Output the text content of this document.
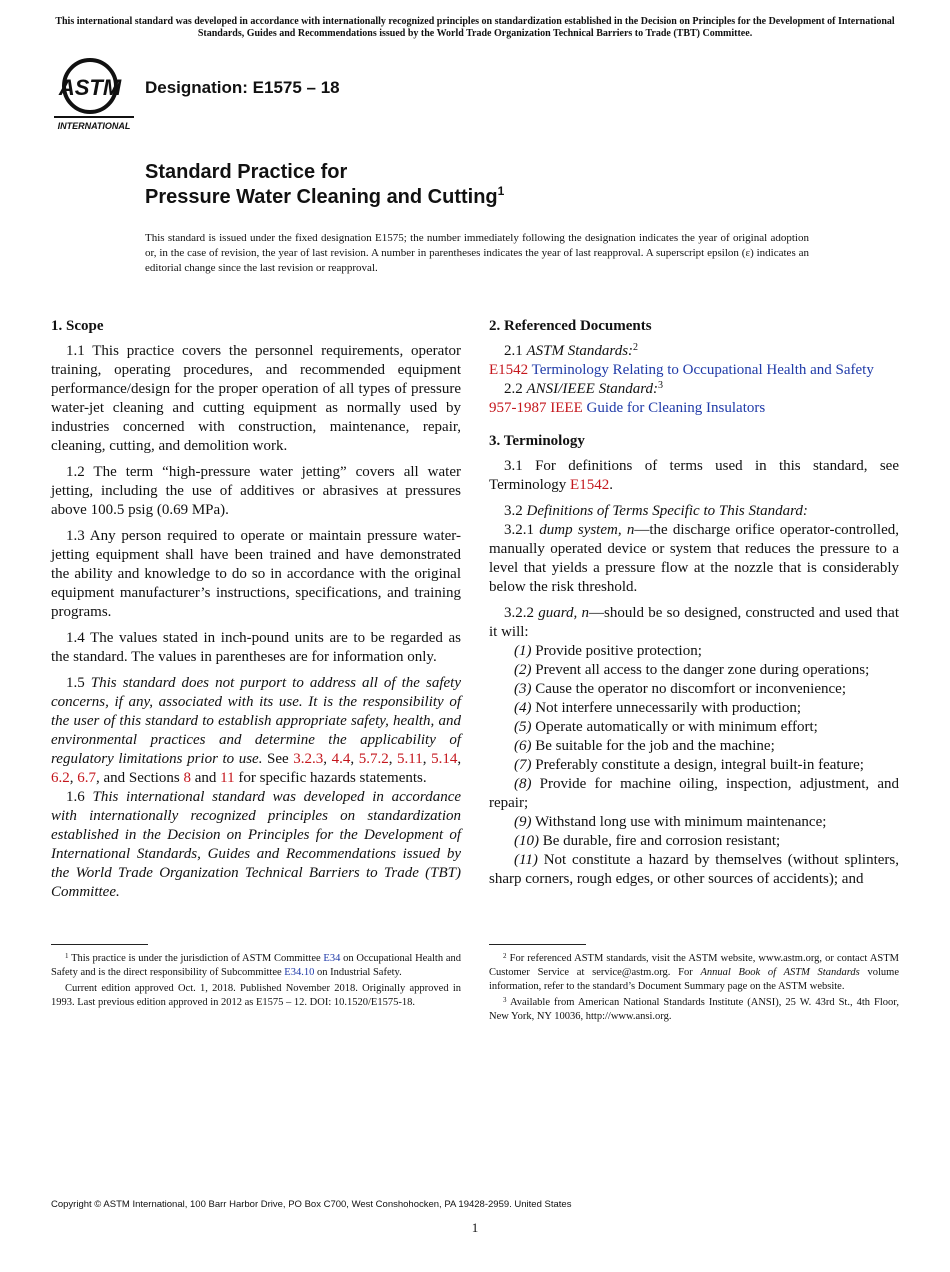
This international standard was developed in accordance with internationally recognized principles on standardization established in the Decision on Principles for the Development of International Standards, Guides and Recommendations issued by the World Trade Organization Technical Barriers to Trade (TBT) Committee.
ASTM
INTERNATIONAL
Designation: E1575 – 18
Standard Practice for
Pressure Water Cleaning and Cutting$^1$
This standard is issued under the fixed designation E1575; the number immediately following the designation indicates the year of original adoption or, in the case of revision, the year of last revision. A number in parentheses indicates the year of last reapproval. A superscript epsilon (ε) indicates an editorial change since the last revision or reapproval.
1. Scope
1.1 This practice covers the personnel requirements, operator training, operating procedures, and recommended equipment performance/design for the proper operation of all types of pressure water-jet cleaning and cutting equipment as normally used by industries concerned with construction, maintenance, repair, cleaning, cutting, and demolition work.
1.2 The term “high-pressure water jetting” covers all water jetting, including the use of additives or abrasives at pressures above 100.5 psig (0.69 MPa).
1.3 Any person required to operate or maintain pressure water-jetting equipment shall have been trained and have demonstrated the ability and knowledge to do so in accordance with the original equipment manufacturer’s instructions, specifications, and training programs.
1.4 The values stated in inch-pound units are to be regarded as the standard. The values in parentheses are for information only.
1.5 This standard does not purport to address all of the safety concerns, if any, associated with its use. It is the responsibility of the user of this standard to establish appropriate safety, health, and environmental practices and determine the applicability of regulatory limitations prior to use. See 3.2.3, 4.4, 5.7.2, 5.11, 5.14, 6.2, 6.7, and Sections 8 and 11 for specific hazards statements.
1.6 This international standard was developed in accordance with internationally recognized principles on standardization established in the Decision on Principles for the Development of International Standards, Guides and Recommendations issued by the World Trade Organization Technical Barriers to Trade (TBT) Committee.
2. Referenced Documents
2.1 ASTM Standards:$^2$
E1542 Terminology Relating to Occupational Health and Safety
2.2 ANSI/IEEE Standard:$^3$
957-1987 IEEE Guide for Cleaning Insulators
3. Terminology
3.1 For definitions of terms used in this standard, see Terminology E1542.
3.2 Definitions of Terms Specific to This Standard:
3.2.1 dump system, n—the discharge orifice operator-controlled, manually operated device or system that reduces the pressure to a level that yields a pressure flow at the nozzle that is considerably below the risk threshold.
3.2.2 guard, n—should be so designed, constructed and used that it will:
(1) Provide positive protection;
(2) Prevent all access to the danger zone during operations;
(3) Cause the operator no discomfort or inconvenience;
(4) Not interfere unnecessarily with production;
(5) Operate automatically or with minimum effort;
(6) Be suitable for the job and the machine;
(7) Preferably constitute a design, integral built-in feature;
(8) Provide for machine oiling, inspection, adjustment, and repair;
(9) Withstand long use with minimum maintenance;
(10) Be durable, fire and corrosion resistant;
(11) Not constitute a hazard by themselves (without splinters, sharp corners, rough edges, or other sources of accidents); and

$^1$ This practice is under the jurisdiction of ASTM Committee E34 on Occupational Health and Safety and is the direct responsibility of Subcommittee E34.10 on Industrial Safety.

Current edition approved Oct. 1, 2018. Published November 2018. Originally approved in 1993. Last previous edition approved in 2012 as E1575 – 12. DOI: 10.1520/E1575-18.

$^2$ For referenced ASTM standards, visit the ASTM website, www.astm.org, or contact ASTM Customer Service at service@astm.org. For Annual Book of ASTM Standards volume information, refer to the standard’s Document Summary page on the ASTM website.

$^3$ Available from American National Standards Institute (ANSI), 25 W. 43rd St., 4th Floor, New York, NY 10036, http://www.ansi.org.

Copyright © ASTM International, 100 Barr Harbor Drive, PO Box C700, West Conshohocken, PA 19428-2959. United States
1
